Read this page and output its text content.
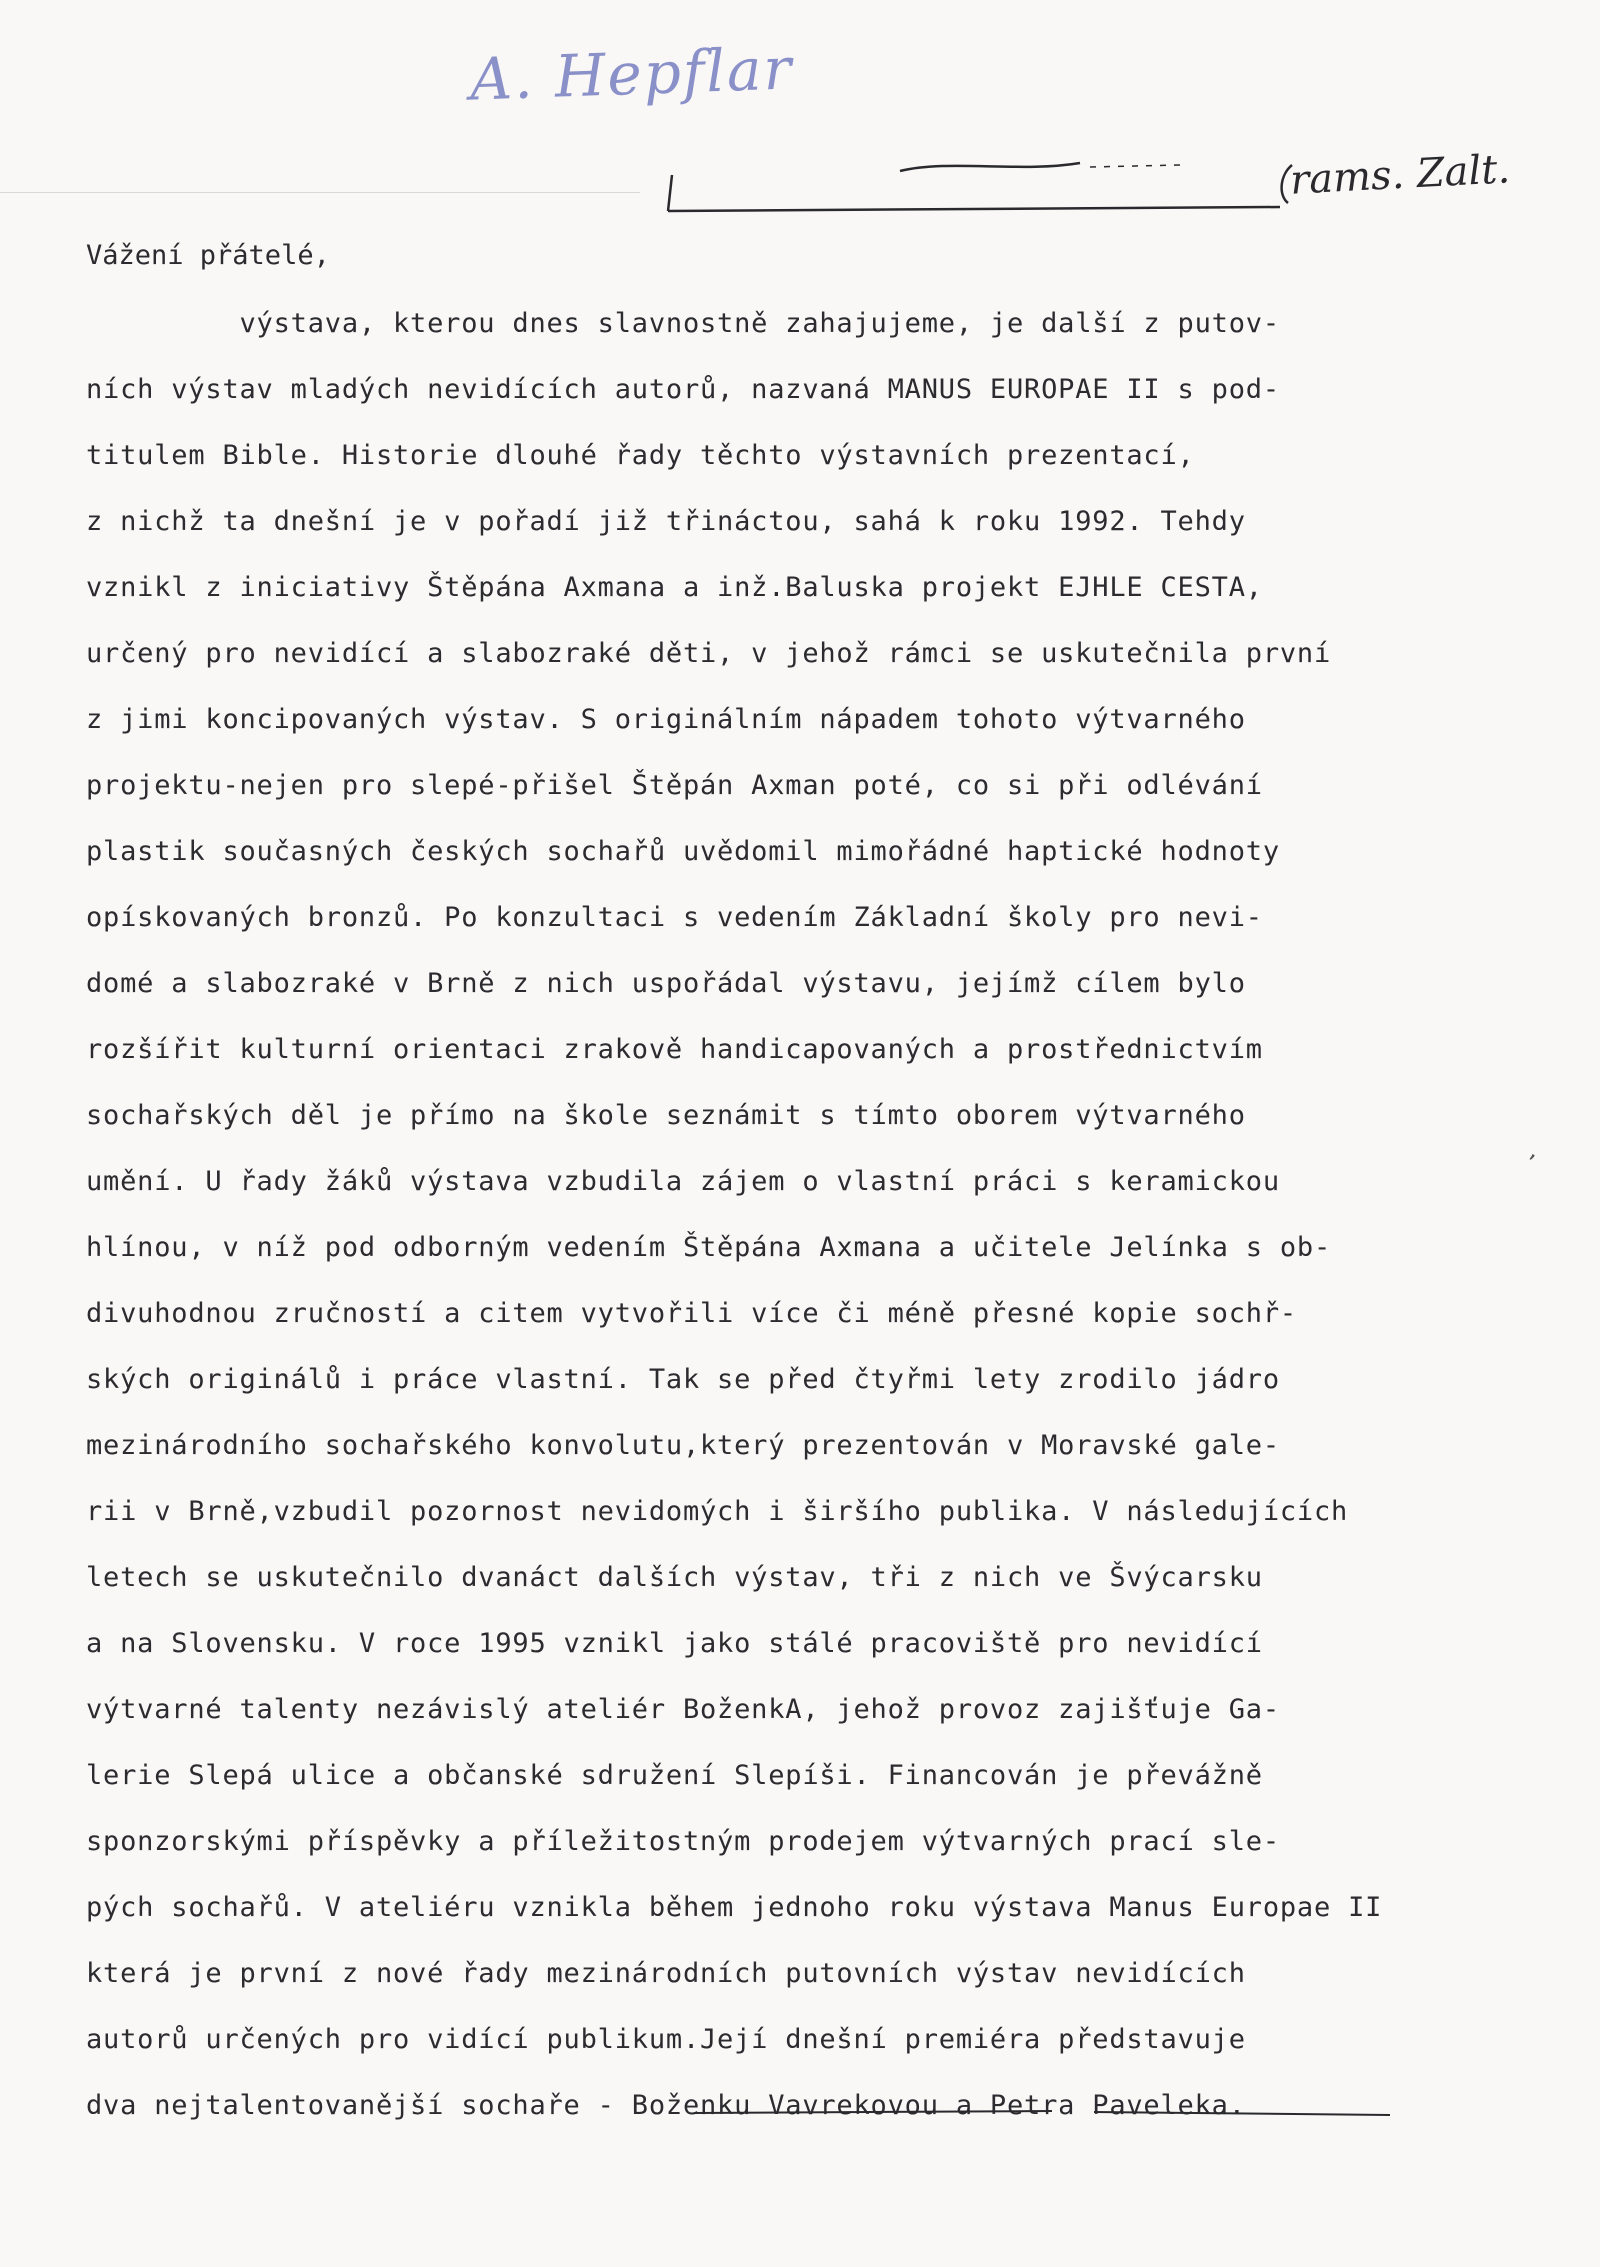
A. Hepflar
rams. Zalt.
Vážení přátelé,
výstava, kterou dnes slavnostně zahajujeme, je další z putov-
ních výstav mladých nevidících autorů, nazvaná MANUS EUROPAE II s pod-
titulem Bible. Historie dlouhé řady těchto výstavních prezentací,
z nichž ta dnešní je v pořadí již třináctou, sahá k roku 1992. Tehdy
vznikl z iniciativy Štěpána Axmana a inž.Baluska projekt EJHLE CESTA,
určený pro nevidící a slabozraké děti, v jehož rámci se uskutečnila první
z jimi koncipovaných výstav. S originálním nápadem tohoto výtvarného
projektu-nejen pro slepé-přišel Štěpán Axman poté, co si při odlévání
plastik současných českých sochařů uvědomil mimořádné haptické hodnoty
opískovaných bronzů. Po konzultaci s vedením Základní školy pro nevi-
domé a slabozraké v Brně z nich uspořádal výstavu, jejímž cílem bylo
rozšířit kulturní orientaci zrakově handicapovaných a prostřednictvím
sochařských děl je přímo na škole seznámit s tímto oborem výtvarného
umění. U řady žáků výstava vzbudila zájem o vlastní práci s keramickou
hlínou, v níž pod odborným vedením Štěpána Axmana a učitele Jelínka s ob-
divuhodnou zručností a citem vytvořili více či méně přesné kopie sochř-
ských originálů i práce vlastní. Tak se před čtyřmi lety zrodilo jádro
mezinárodního sochařského konvolutu,který prezentován v Moravské gale-
rii v Brně,vzbudil pozornost nevidomých i širšího publika. V následujících
letech se uskutečnilo dvanáct dalších výstav, tři z nich ve Švýcarsku
a na Slovensku. V roce 1995 vznikl jako stálé pracoviště pro nevidící
výtvarné talenty nezávislý ateliér BoženkA, jehož provoz zajišťuje Ga-
lerie Slepá ulice a občanské sdružení Slepíši. Financován je převážně
sponzorskými příspěvky a příležitostným prodejem výtvarných prací sle-
pých sochařů. V ateliéru vznikla během jednoho roku výstava Manus Europae II
která je první z nové řady mezinárodních putovních výstav nevidících
autorů určených pro vidící publikum.Její dnešní premiéra představuje
dva nejtalentovanější sochaře - Boženku Vavrekovou a Petra Paveleka.
ʼ
